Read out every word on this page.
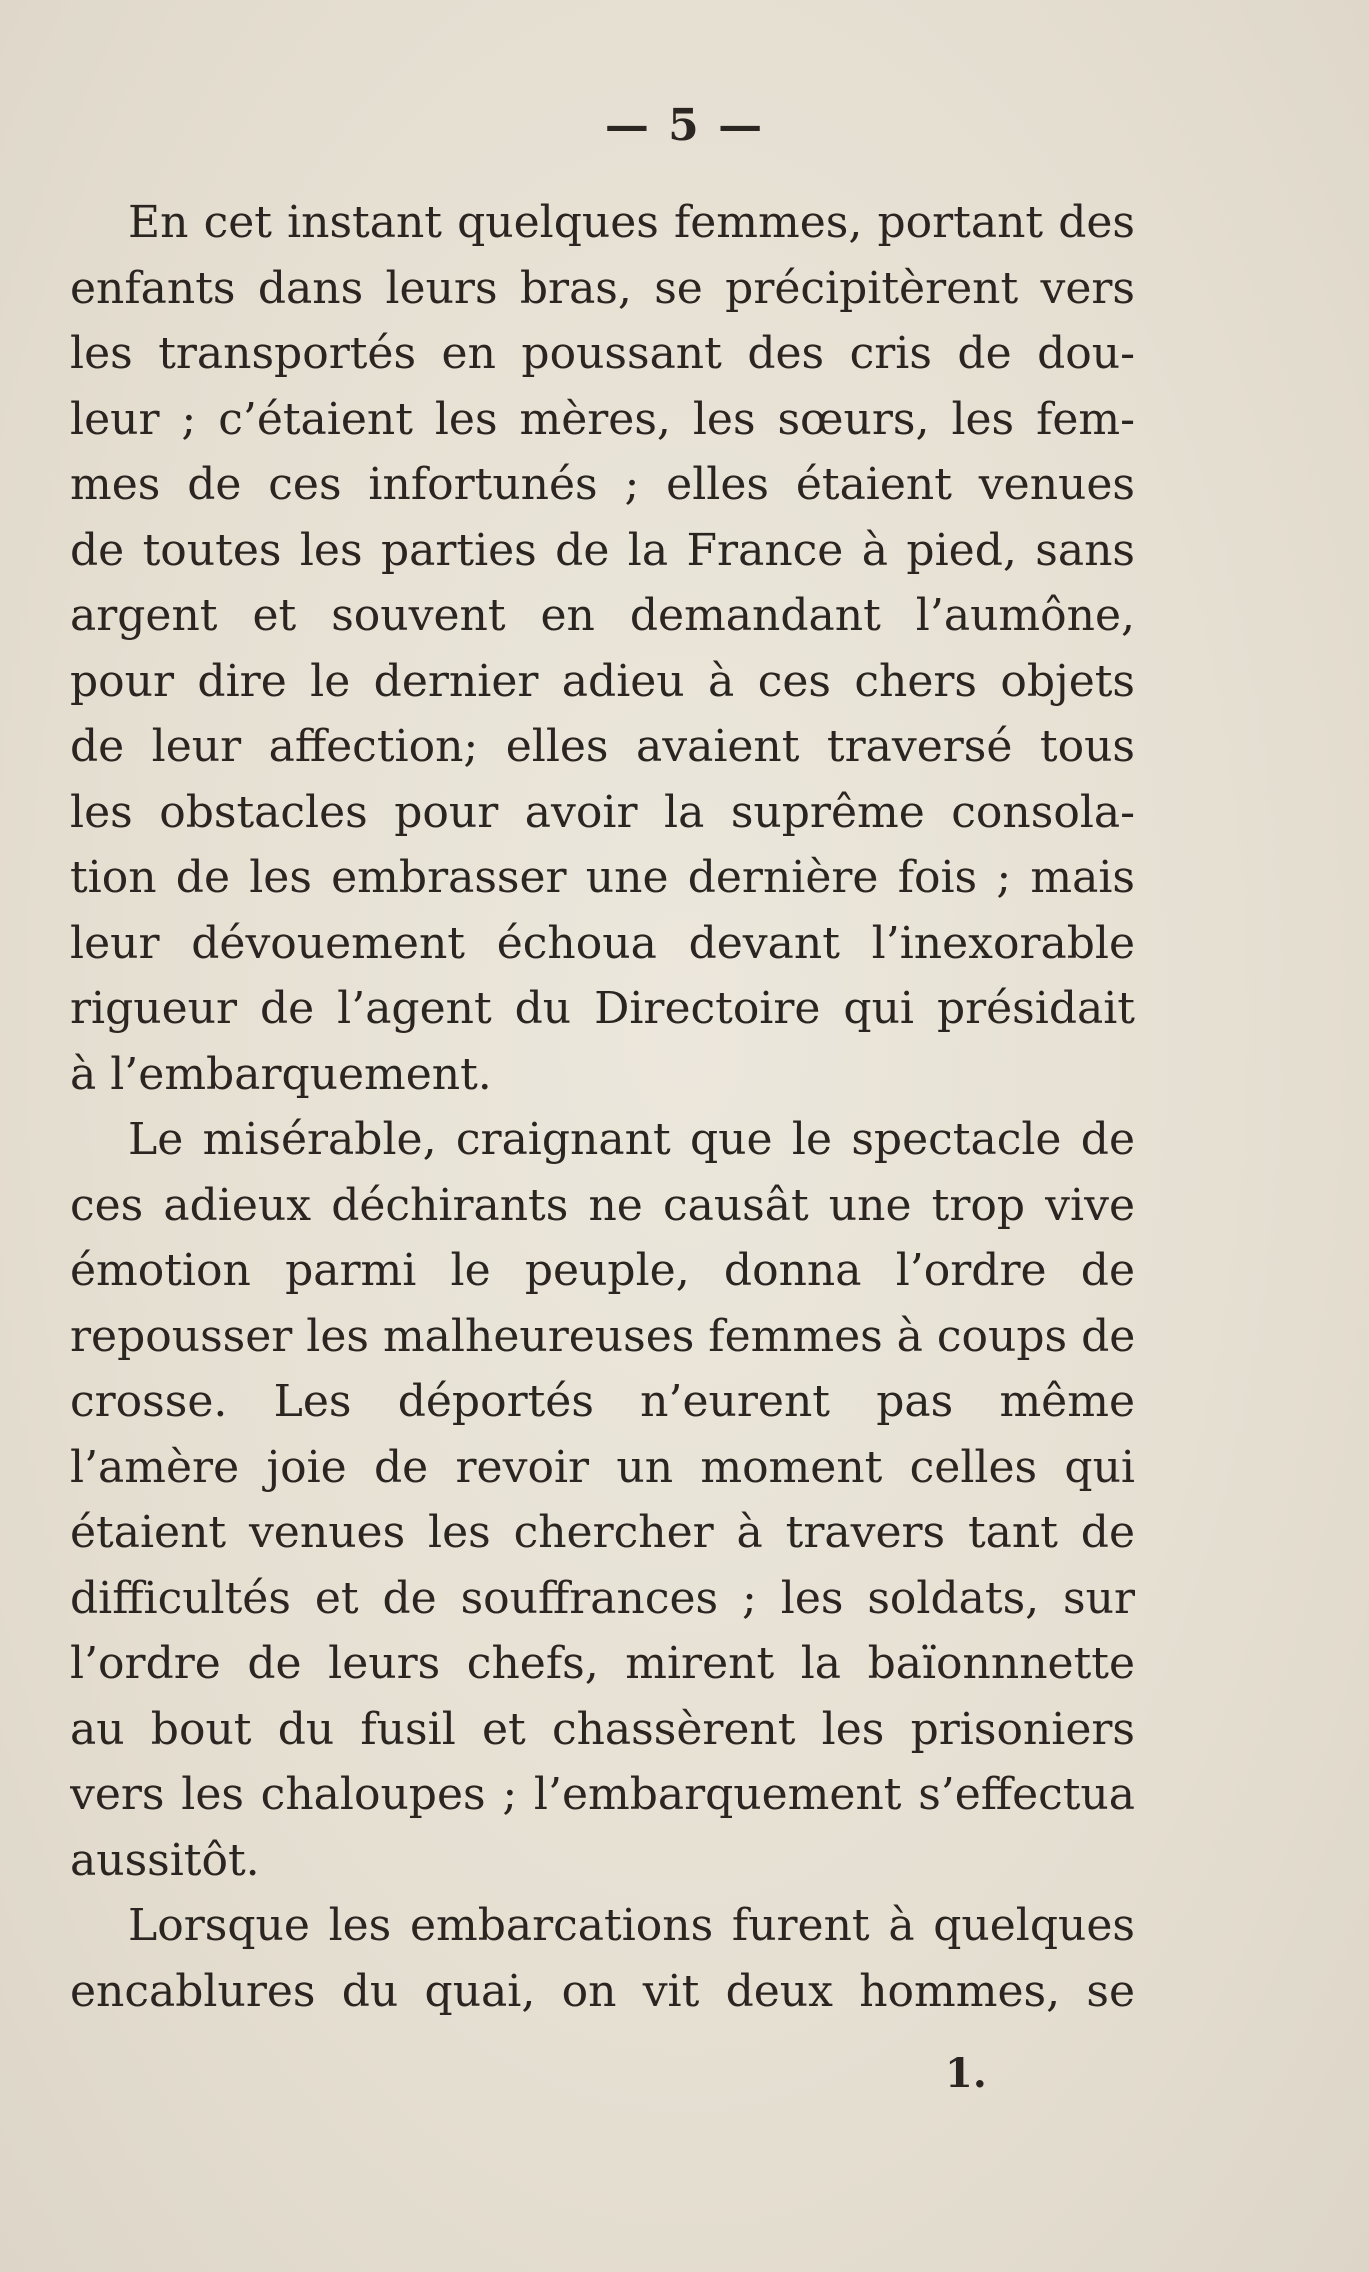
— 5 —
En cet instant quelques femmes, portant des
enfants dans leurs bras, se précipitèrent vers
les transportés en poussant des cris de dou-
leur ; c’étaient les mères, les sœurs, les fem-
mes de ces infortunés ; elles étaient venues
de toutes les parties de la France à pied, sans
argent et souvent en demandant l’aumône,
pour dire le dernier adieu à ces chers objets
de leur affection; elles avaient traversé tous
les obstacles pour avoir la suprême consola-
tion de les embrasser une dernière fois ; mais
leur dévouement échoua devant l’inexorable
rigueur de l’agent du Directoire qui présidait
à l’embarquement.
Le misérable, craignant que le spectacle de
ces adieux déchirants ne causât une trop vive
émotion parmi le peuple, donna l’ordre de
repousser les malheureuses femmes à coups de
crosse. Les déportés n’eurent pas même
l’amère joie de revoir un moment celles qui
étaient venues les chercher à travers tant de
difficultés et de souffrances ; les soldats, sur
l’ordre de leurs chefs, mirent la baïonnnette
au bout du fusil et chassèrent les prisoniers
vers les chaloupes ; l’embarquement s’effectua
aussitôt.
Lorsque les embarcations furent à quelques
encablures du quai, on vit deux hommes, se
1.
